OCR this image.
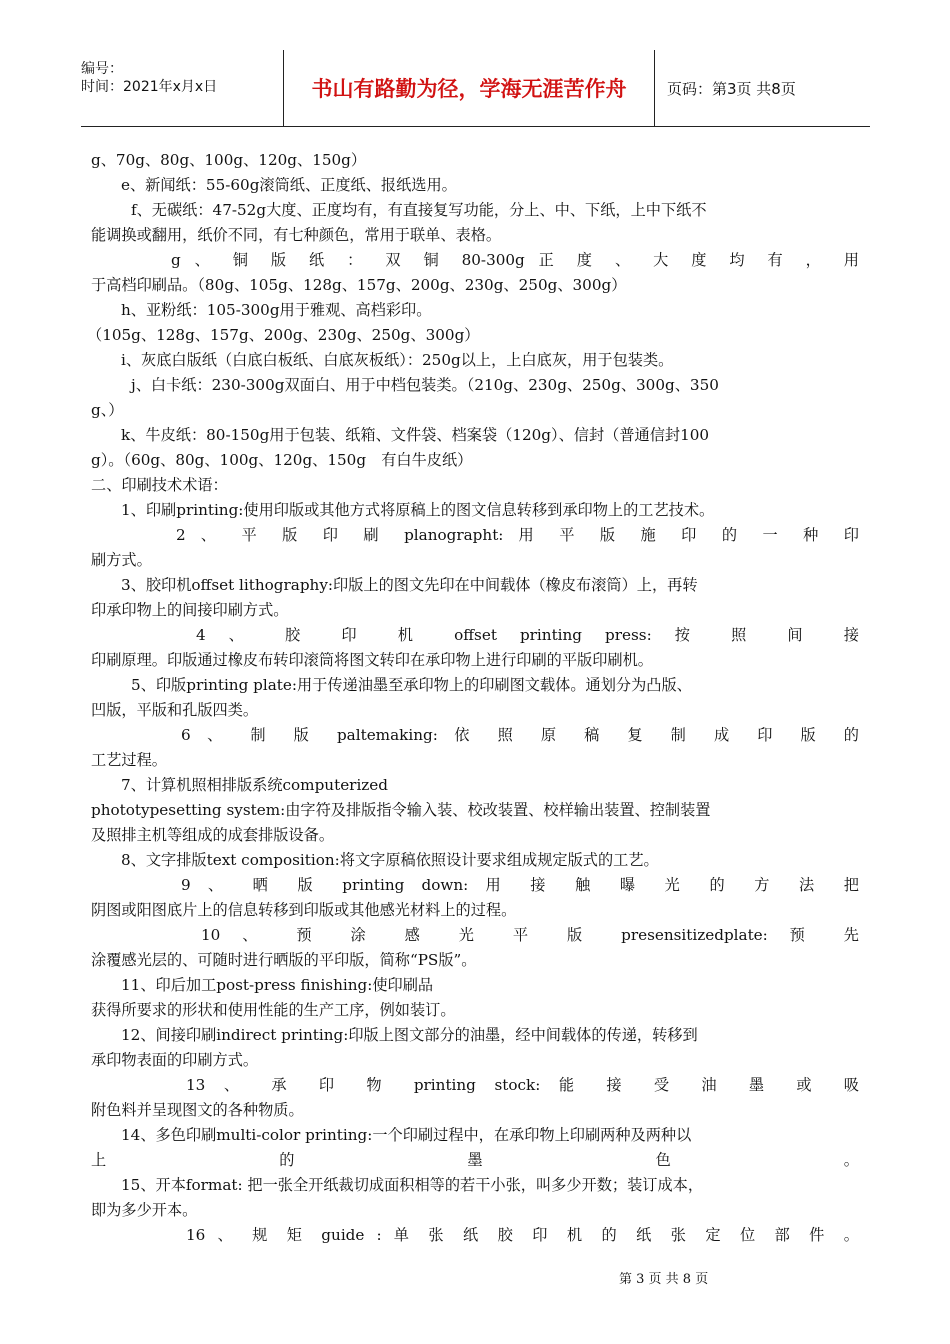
编号：
时间：2021年x月x日	书山有路勤为径，学海无涯苦作舟	页码：第3页 共8页
g、70g、80g、100g、120g、150g）
e、新闻纸：55-60g滚筒纸、正度纸、报纸选用。
f、无碳纸：47-52g大度、正度均有，有直接复写功能，分上、中、下纸，上中下纸不
能调换或翻用，纸价不同，有七种颜色，常用于联单、表格。
g 、 铜 版 纸 ： 双 铜 80-300g 正 度 、 大 度 均 有 ， 用
于高档印刷品。（80g、105g、128g、157g、200g、230g、250g、300g）
h、亚粉纸：105-300g用于雅观、高档彩印。
（105g、128g、157g、200g、230g、250g、300g）
i、灰底白版纸（白底白板纸、白底灰板纸）：250g以上，上白底灰，用于包装类。
j、白卡纸：230-300g双面白、用于中档包装类。（210g、230g、250g、300g、350
g、）
k、牛皮纸：80-150g用于包装、纸箱、文件袋、档案袋（120g）、信封（普通信封100
g）。（60g、80g、100g、120g、150g　有白牛皮纸）
二、印刷技术术语：
1、印刷printing:使用印版或其他方式将原稿上的图文信息转移到承印物上的工艺技术。
2 、 平 版 印 刷 planographt: 用 平 版 施 印 的 一 种 印
刷方式。
3、胶印机offset lithography:印版上的图文先印在中间载体（橡皮布滚筒）上，再转
印承印物上的间接印刷方式。
4 、 胶 印 机 offset printing press: 按 照 间 接
印刷原理。印版通过橡皮布转印滚筒将图文转印在承印物上进行印刷的平版印刷机。
5、印版printing plate:用于传递油墨至承印物上的印刷图文载体。通划分为凸版、
凹版，平版和孔版四类。
6 、 制 版 paltemaking: 依 照 原 稿 复 制 成 印 版 的
工艺过程。
7、计算机照相排版系统computerized
phototypesetting system:由字符及排版指令输入装、校改装置、校样输出装置、控制装置
及照排主机等组成的成套排版设备。
8、文字排版text composition:将文字原稿依照设计要求组成规定版式的工艺。
9 、 晒 版 printing down: 用 接 触 曝 光 的 方 法 把
阴图或阳图底片上的信息转移到印版或其他感光材料上的过程。
10 、 预 涂 感 光 平 版 presensitizedplate: 预 先
涂覆感光层的、可随时进行晒版的平印版，简称“PS版”。
11、印后加工post-press finishing:使印刷品
获得所要求的形状和使用性能的生产工序，例如装订。
12、间接印刷indirect printing:印版上图文部分的油墨，经中间载体的传递，转移到
承印物表面的印刷方式。
13 、 承 印 物 printing stock: 能 接 受 油 墨 或 吸
附色料并呈现图文的各种物质。
14、多色印刷multi-color printing:一个印刷过程中，在承印物上印刷两种及两种以
上 的 墨 色 。
15、开本format: 把一张全开纸裁切成面积相等的若干小张，叫多少开数；装订成本，
即为多少开本。
16 、 规 矩 guide : 单 张 纸 胶 印 机 的 纸 张 定 位 部 件 。
第 3 页 共 8 页
